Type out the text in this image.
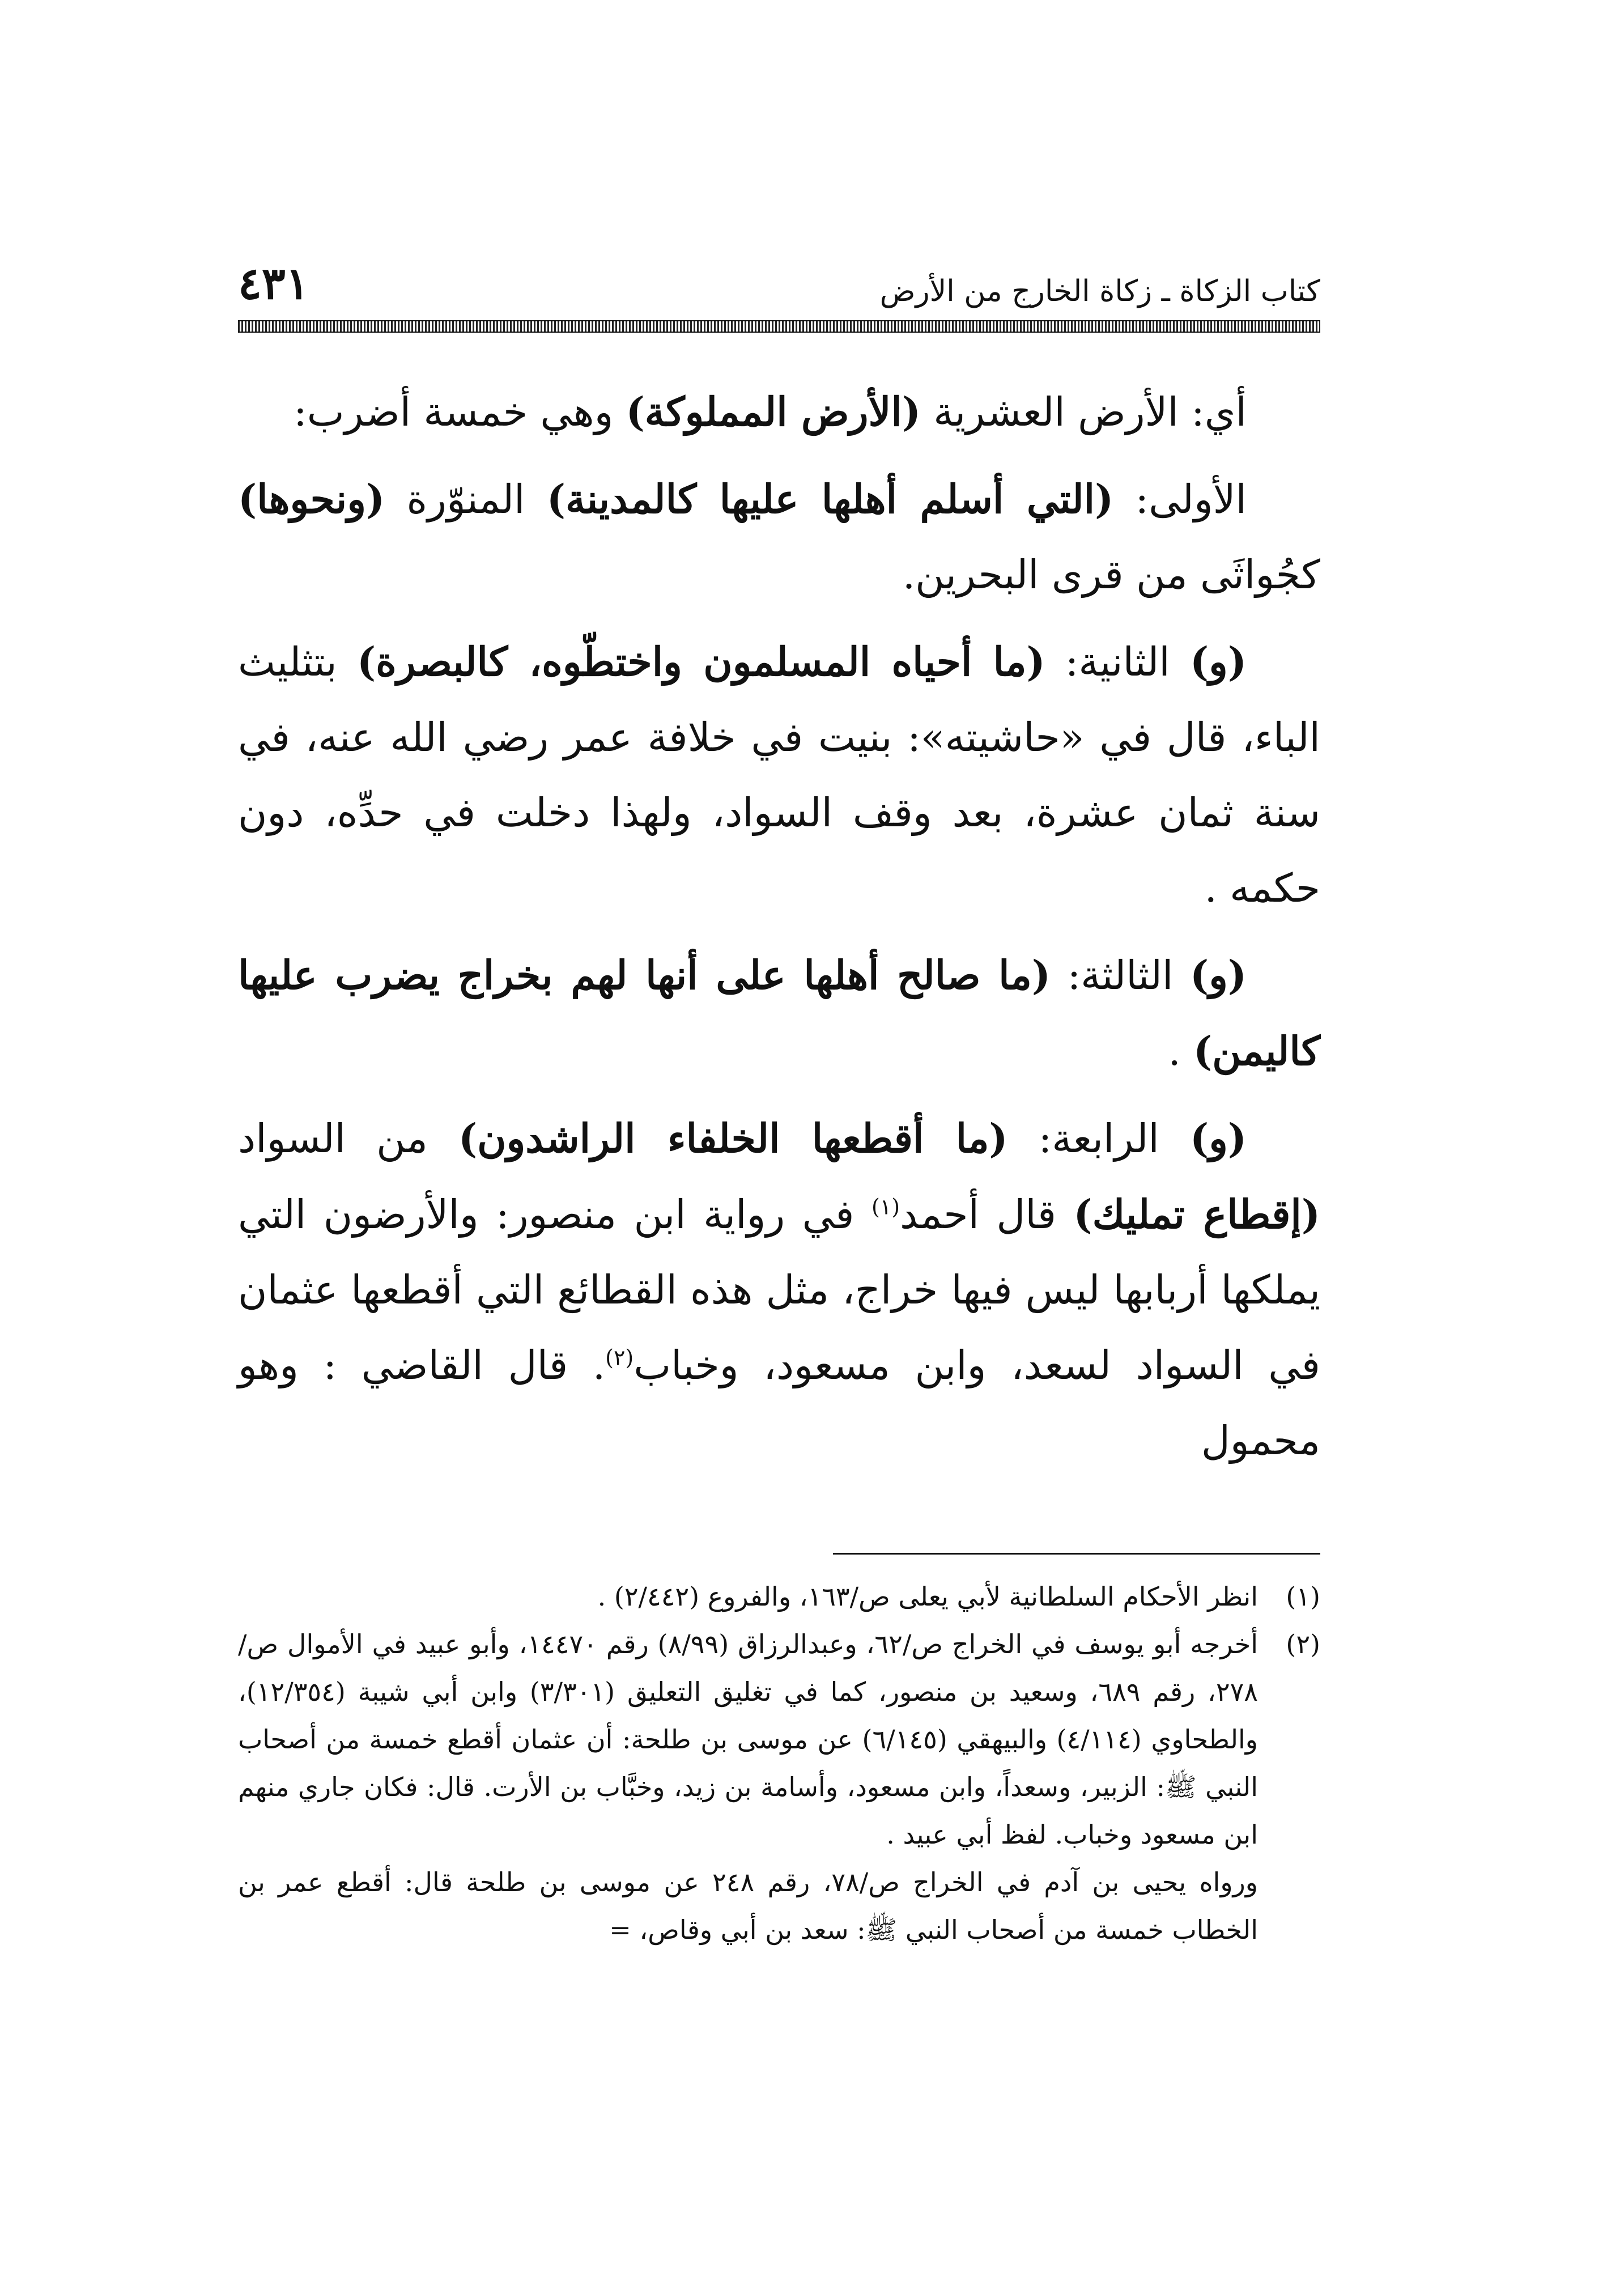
كتاب الزكاة ـ زكاة الخارج من الأرض
٤٣١

أي: الأرض العشرية (الأرض المملوكة) وهي خمسة أضرب:

الأولى: (التي أسلم أهلها عليها كالمدينة) المنوّرة (ونحوها) كجُواثَى من قرى البحرين.

(و) الثانية: (ما أحياه المسلمون واختطّوه، كالبصرة) بتثليث الباء، قال في «حاشيته»: بنيت في خلافة عمر رضي الله عنه، في سنة ثمان عشرة، بعد وقف السواد، ولهذا دخلت في حدِّه، دون حكمه .

(و) الثالثة: (ما صالح أهلها على أنها لهم بخراج يضرب عليها كاليمن) .

(و) الرابعة: (ما أقطعها الخلفاء الراشدون) من السواد (إقطاع تمليك) قال أحمد$^{(١)}$ في رواية ابن منصور: والأرضون التي يملكها أربابها ليس فيها خراج، مثل هذه القطائع التي أقطعها عثمان في السواد لسعد، وابن مسعود، وخباب$^{(٢)}$. قال القاضي : وهو محمول

(١)انظر الأحكام السلطانية لأبي يعلى ص/١٦٣، والفروع (٢/٤٤٢) .

(٢)أخرجه أبو يوسف في الخراج ص/٦٢، وعبدالرزاق (٨/٩٩) رقم ١٤٤٧٠، وأبو عبيد في الأموال ص/٢٧٨، رقم ٦٨٩، وسعيد بن منصور، كما في تغليق التعليق (٣/٣٠١) وابن أبي شيبة (١٢/٣٥٤)، والطحاوي (٤/١١٤) والبيهقي (٦/١٤٥) عن موسى بن طلحة: أن عثمان أقطع خمسة من أصحاب النبي ﷺ: الزبير، وسعداً، وابن مسعود، وأسامة بن زيد، وخبَّاب بن الأرت. قال: فكان جاري منهم ابن مسعود وخباب. لفظ أبي عبيد .

ورواه يحيى بن آدم في الخراج ص/٧٨، رقم ٢٤٨ عن موسى بن طلحة قال: أقطع عمر بن الخطاب خمسة من أصحاب النبي ﷺ: سعد بن أبي وقاص، =
